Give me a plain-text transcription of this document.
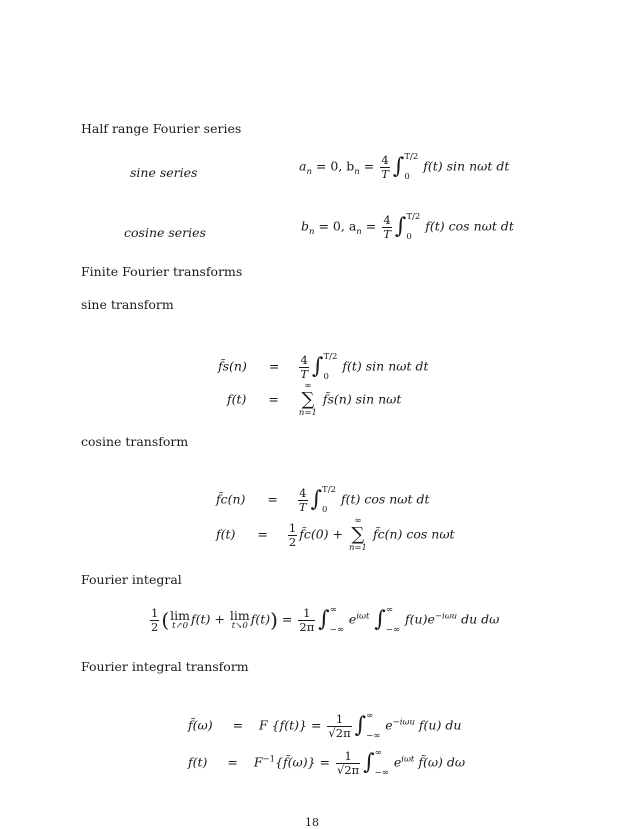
Half range Fourier series
sine series	$a_n = 0$, $b_n = \frac{4}{T}$ ∫ T/2
0
f(t) sin nωt dt
cosine series	$b_n = 0$, $a_n = \frac{4}{T}$ ∫ T/2
0
f(t) cos nωt dt
Finite Fourier transforms
sine transform
f̃s(n) = $\frac{4}{T}$ ∫ T/2
0
f(t) sin nωt dt
f(t) =
∞
∑
n=1
f̃s(n) sin nωt
cosine transform
f̃c(n) = $\frac{4}{T}$ ∫ T/2
0
f(t) cos nωt dt
$f(t) = \frac{1}{2}$ f̃c(0) +
∞
∑
n=1
f̃c(n) cos nωt
Fourier integral
$\frac{1}{2}$ ( lim
t↗0 f(t) + lim
t↘0 $f(t)) = \frac{1}{2\pi}$ ∫ ∞
−∞
$e^{i\omega t}$ ∫ ∞
−∞
$f(u)e^{-i\omega u}$ du dω
Fourier integral transform
f̃(ω) = F $\{f(t)\} = \frac{1}{√2\pi}$ ∫ ∞
−∞
$e^{-i\omega u}$ f(u) du
$f(t) = F^{-1}\{f̃(\omega)\} = \frac{1}{√2\pi}$ ∫ ∞
−∞
$e^{i\omega t}$ f̃(ω) dω
18
